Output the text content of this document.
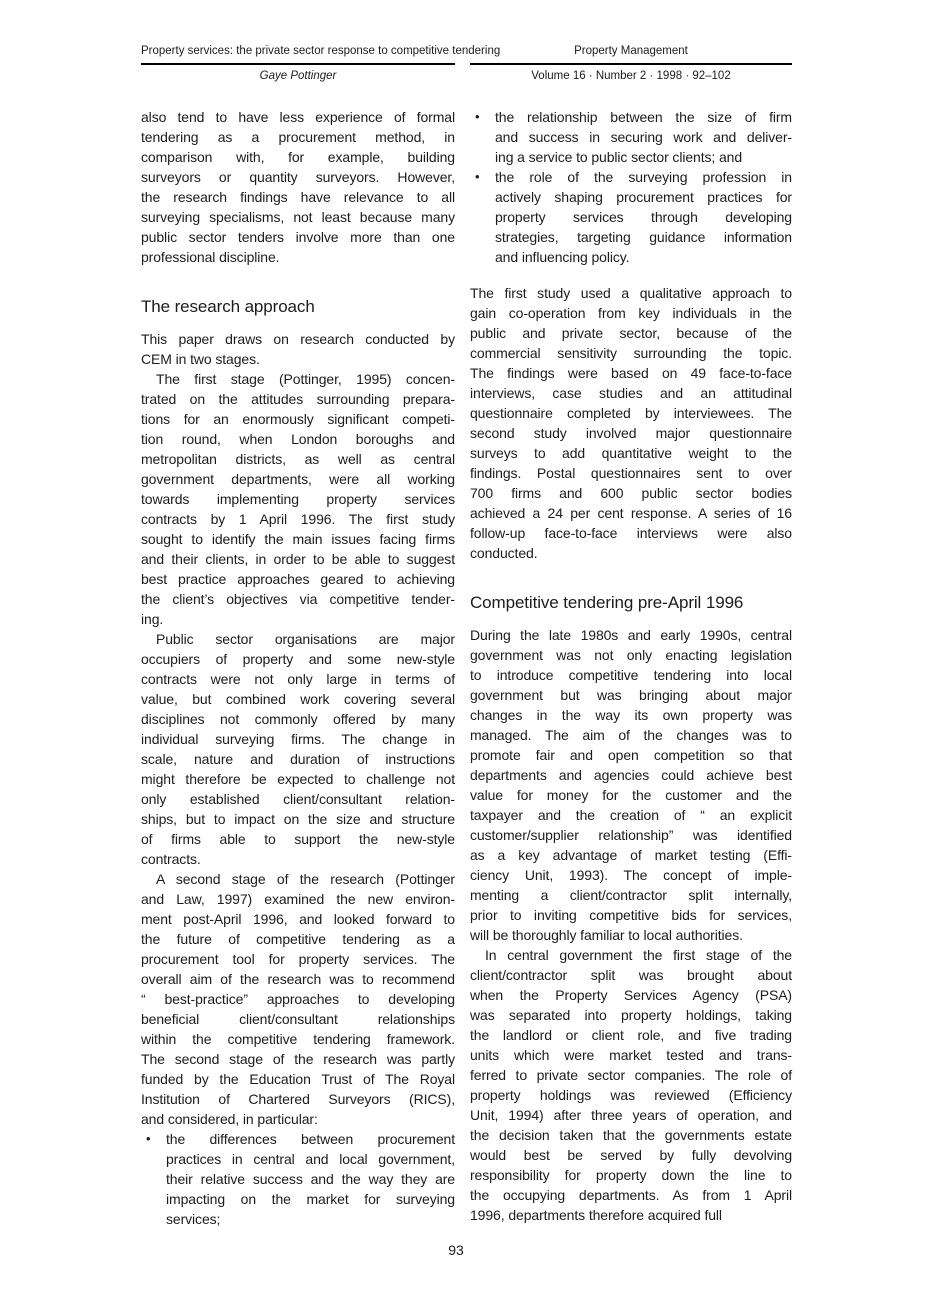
Property services: the private sector response to competitive tendering
Gaye Pottinger
Property Management
Volume 16 · Number 2 · 1998 · 92–102
also tend to have less experience of formal
tendering as a procurement method, in
comparison with, for example, building
surveyors or quantity surveyors. However,
the research findings have relevance to all
surveying specialisms, not least because many
public sector tenders involve more than one
professional discipline.
The research approach
This paper draws on research conducted by
CEM in two stages.
The first stage (Pottinger, 1995) concen-
trated on the attitudes surrounding prepara-
tions for an enormously significant competi-
tion round, when London boroughs and
metropolitan districts, as well as central
government departments, were all working
towards implementing property services
contracts by 1 April 1996. The first study
sought to identify the main issues facing firms
and their clients, in order to be able to suggest
best practice approaches geared to achieving
the client’s objectives via competitive tender-
ing.
Public sector organisations are major
occupiers of property and some new-style
contracts were not only large in terms of
value, but combined work covering several
disciplines not commonly offered by many
individual surveying firms. The change in
scale, nature and duration of instructions
might therefore be expected to challenge not
only established client/consultant relation-
ships, but to impact on the size and structure
of firms able to support the new-style
contracts.
A second stage of the research (Pottinger
and Law, 1997) examined the new environ-
ment post-April 1996, and looked forward to
the future of competitive tendering as a
procurement tool for property services. The
overall aim of the research was to recommend
“ best-practice” approaches to developing
beneficial client/consultant relationships
within the competitive tendering framework.
The second stage of the research was partly
funded by the Education Trust of The Royal
Institution of Chartered Surveyors (RICS),
and considered, in particular:
•	the differences between procurement
practices in central and local government,
their relative success and the way they are
impacting on the market for surveying
services;
•	the relationship between the size of firm
and success in securing work and deliver-
ing a service to public sector clients; and
•	the role of the surveying profession in
actively shaping procurement practices for
property services through developing
strategies, targeting guidance information
and influencing policy.
The first study used a qualitative approach to
gain co-operation from key individuals in the
public and private sector, because of the
commercial sensitivity surrounding the topic.
The findings were based on 49 face-to-face
interviews, case studies and an attitudinal
questionnaire completed by interviewees. The
second study involved major questionnaire
surveys to add quantitative weight to the
findings. Postal questionnaires sent to over
700 firms and 600 public sector bodies
achieved a 24 per cent response. A series of 16
follow-up face-to-face interviews were also
conducted.
Competitive tendering pre-April 1996
During the late 1980s and early 1990s, central
government was not only enacting legislation
to introduce competitive tendering into local
government but was bringing about major
changes in the way its own property was
managed. The aim of the changes was to
promote fair and open competition so that
departments and agencies could achieve best
value for money for the customer and the
taxpayer and the creation of “ an explicit
customer/supplier relationship” was identified
as a key advantage of market testing (Effi-
ciency Unit, 1993). The concept of imple-
menting a client/contractor split internally,
prior to inviting competitive bids for services,
will be thoroughly familiar to local authorities.
In central government the first stage of the
client/contractor split was brought about
when the Property Services Agency (PSA)
was separated into property holdings, taking
the landlord or client role, and five trading
units which were market tested and trans-
ferred to private sector companies. The role of
property holdings was reviewed (Efficiency
Unit, 1994) after three years of operation, and
the decision taken that the governments estate
would best be served by fully devolving
responsibility for property down the line to
the occupying departments. As from 1 April
1996, departments therefore acquired full
93
